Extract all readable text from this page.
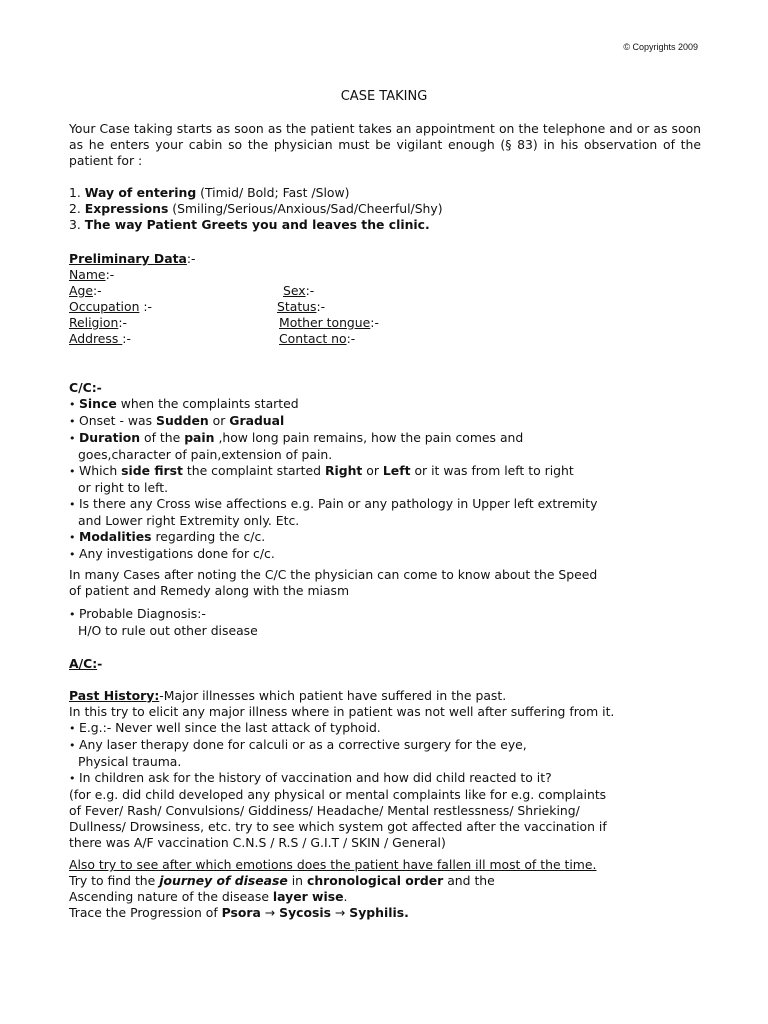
© Copyrights 2009
CASE TAKING
Your Case taking starts as soon as the patient takes an appointment on the telephone and or as soon as he enters your cabin so the physician must be vigilant enough (§ 83) in his observation of the patient for :
1. Way of entering (Timid/ Bold; Fast /Slow)
2. Expressions (Smiling/Serious/Anxious/Sad/Cheerful/Shy)
3. The way Patient Greets you and leaves the clinic.
Preliminary Data:-
Name:-
Age:-	Sex:-
Occupation :-	Status:-
Religion:-	Mother tongue:-
Address :-	Contact no:-
C/C:-
• Since when the complaints started
• Onset - was Sudden or Gradual
• Duration of the pain ,how long pain remains, how the pain comes and
goes,character of pain,extension of pain.
• Which side first the complaint started Right or Left or it was from left to right
or right to left.
• Is there any Cross wise affections e.g. Pain or any pathology in Upper left extremity
and Lower right Extremity only. Etc.
• Modalities regarding the c/c.
• Any investigations done for c/c.
In many Cases after noting the C/C the physician can come to know about the Speed
of patient and Remedy along with the miasm
• Probable Diagnosis:-
H/O to rule out other disease
A/C:-
Past History:-Major illnesses which patient have suffered in the past.
In this try to elicit any major illness where in patient was not well after suffering from it.
• E.g.:- Never well since the last attack of typhoid.
• Any laser therapy done for calculi or as a corrective surgery for the eye,
Physical trauma.
• In children ask for the history of vaccination and how did child reacted to it?
(for e.g. did child developed any physical or mental complaints like for e.g. complaints
of Fever/ Rash/ Convulsions/ Giddiness/ Headache/ Mental restlessness/ Shrieking/
Dullness/ Drowsiness, etc. try to see which system got affected after the vaccination if
there was A/F vaccination C.N.S / R.S / G.I.T / SKIN / General)
Also try to see after which emotions does the patient have fallen ill most of the time.
Try to find the journey of disease in chronological order and the
Ascending nature of the disease layer wise.
Trace the Progression of Psora → Sycosis → Syphilis.
